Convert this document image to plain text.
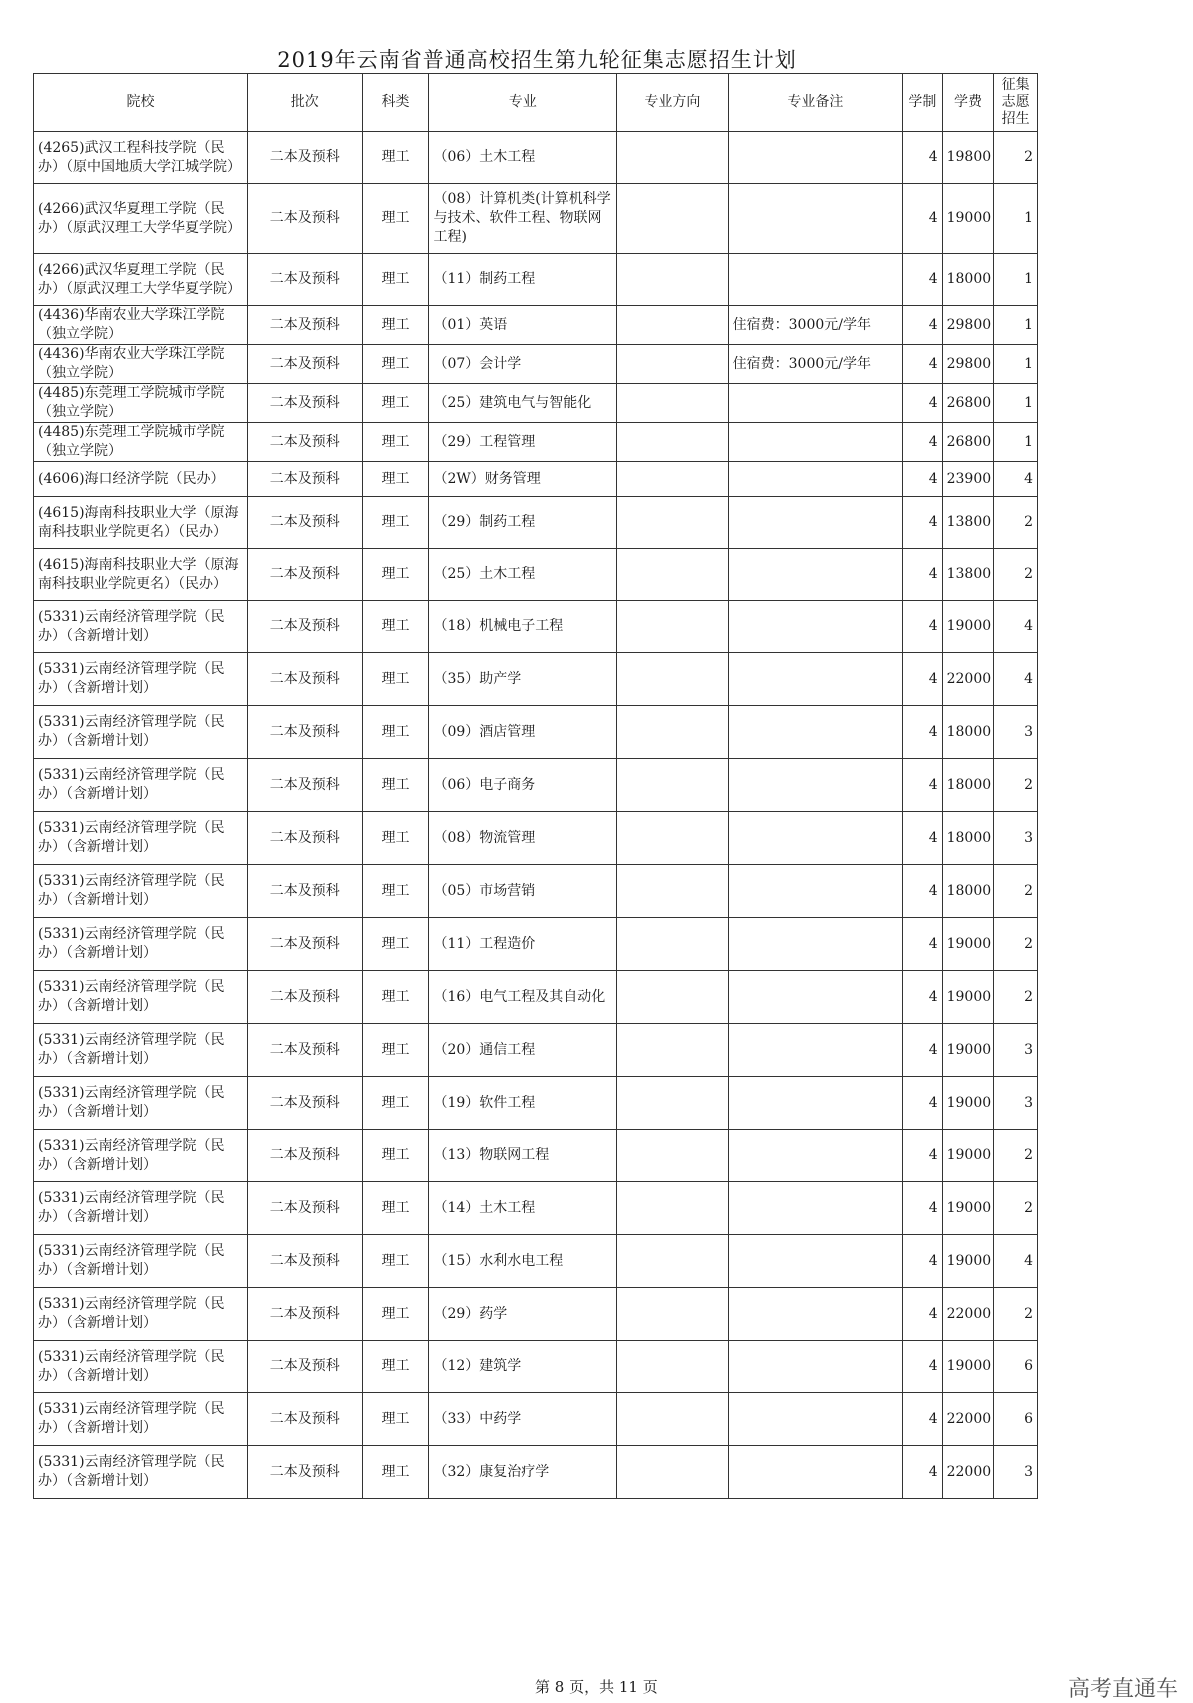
2019年云南省普通高校招生第九轮征集志愿招生计划
院校	批次	科类	专业	专业方向	专业备注	学制	学费	征集
志愿
招生

(4265)武汉工程科技学院（民办）（原中国地质大学江城学院）	二本及预科	理工	（06）土木工程			4	19800	2
(4266)武汉华夏理工学院（民办）（原武汉理工大学华夏学院）	二本及预科	理工	（08）计算机类(计算机科学与技术、软件工程、物联网工程)			4	19000	1
(4266)武汉华夏理工学院（民办）（原武汉理工大学华夏学院）	二本及预科	理工	（11）制药工程			4	18000	1
(4436)华南农业大学珠江学院（独立学院）	二本及预科	理工	（01）英语		住宿费：3000元/学年	4	29800	1
(4436)华南农业大学珠江学院（独立学院）	二本及预科	理工	（07）会计学		住宿费：3000元/学年	4	29800	1
(4485)东莞理工学院城市学院（独立学院）	二本及预科	理工	（25）建筑电气与智能化			4	26800	1
(4485)东莞理工学院城市学院（独立学院）	二本及预科	理工	（29）工程管理			4	26800	1
(4606)海口经济学院（民办）	二本及预科	理工	（2W）财务管理			4	23900	4
(4615)海南科技职业大学（原海南科技职业学院更名）（民办）	二本及预科	理工	（29）制药工程			4	13800	2
(4615)海南科技职业大学（原海南科技职业学院更名）（民办）	二本及预科	理工	（25）土木工程			4	13800	2
(5331)云南经济管理学院（民办）（含新增计划）	二本及预科	理工	（18）机械电子工程			4	19000	4
(5331)云南经济管理学院（民办）（含新增计划）	二本及预科	理工	（35）助产学			4	22000	4
(5331)云南经济管理学院（民办）（含新增计划）	二本及预科	理工	（09）酒店管理			4	18000	3
(5331)云南经济管理学院（民办）（含新增计划）	二本及预科	理工	（06）电子商务			4	18000	2
(5331)云南经济管理学院（民办）（含新增计划）	二本及预科	理工	（08）物流管理			4	18000	3
(5331)云南经济管理学院（民办）（含新增计划）	二本及预科	理工	（05）市场营销			4	18000	2
(5331)云南经济管理学院（民办）（含新增计划）	二本及预科	理工	（11）工程造价			4	19000	2
(5331)云南经济管理学院（民办）（含新增计划）	二本及预科	理工	（16）电气工程及其自动化			4	19000	2
(5331)云南经济管理学院（民办）（含新增计划）	二本及预科	理工	（20）通信工程			4	19000	3
(5331)云南经济管理学院（民办）（含新增计划）	二本及预科	理工	（19）软件工程			4	19000	3
(5331)云南经济管理学院（民办）（含新增计划）	二本及预科	理工	（13）物联网工程			4	19000	2
(5331)云南经济管理学院（民办）（含新增计划）	二本及预科	理工	（14）土木工程			4	19000	2
(5331)云南经济管理学院（民办）（含新增计划）	二本及预科	理工	（15）水利水电工程			4	19000	4
(5331)云南经济管理学院（民办）（含新增计划）	二本及预科	理工	（29）药学			4	22000	2
(5331)云南经济管理学院（民办）（含新增计划）	二本及预科	理工	（12）建筑学			4	19000	6
(5331)云南经济管理学院（民办）（含新增计划）	二本及预科	理工	（33）中药学			4	22000	6
(5331)云南经济管理学院（民办）（含新增计划）	二本及预科	理工	（32）康复治疗学			4	22000	3
第 8 页，共 11 页	高考直通车
